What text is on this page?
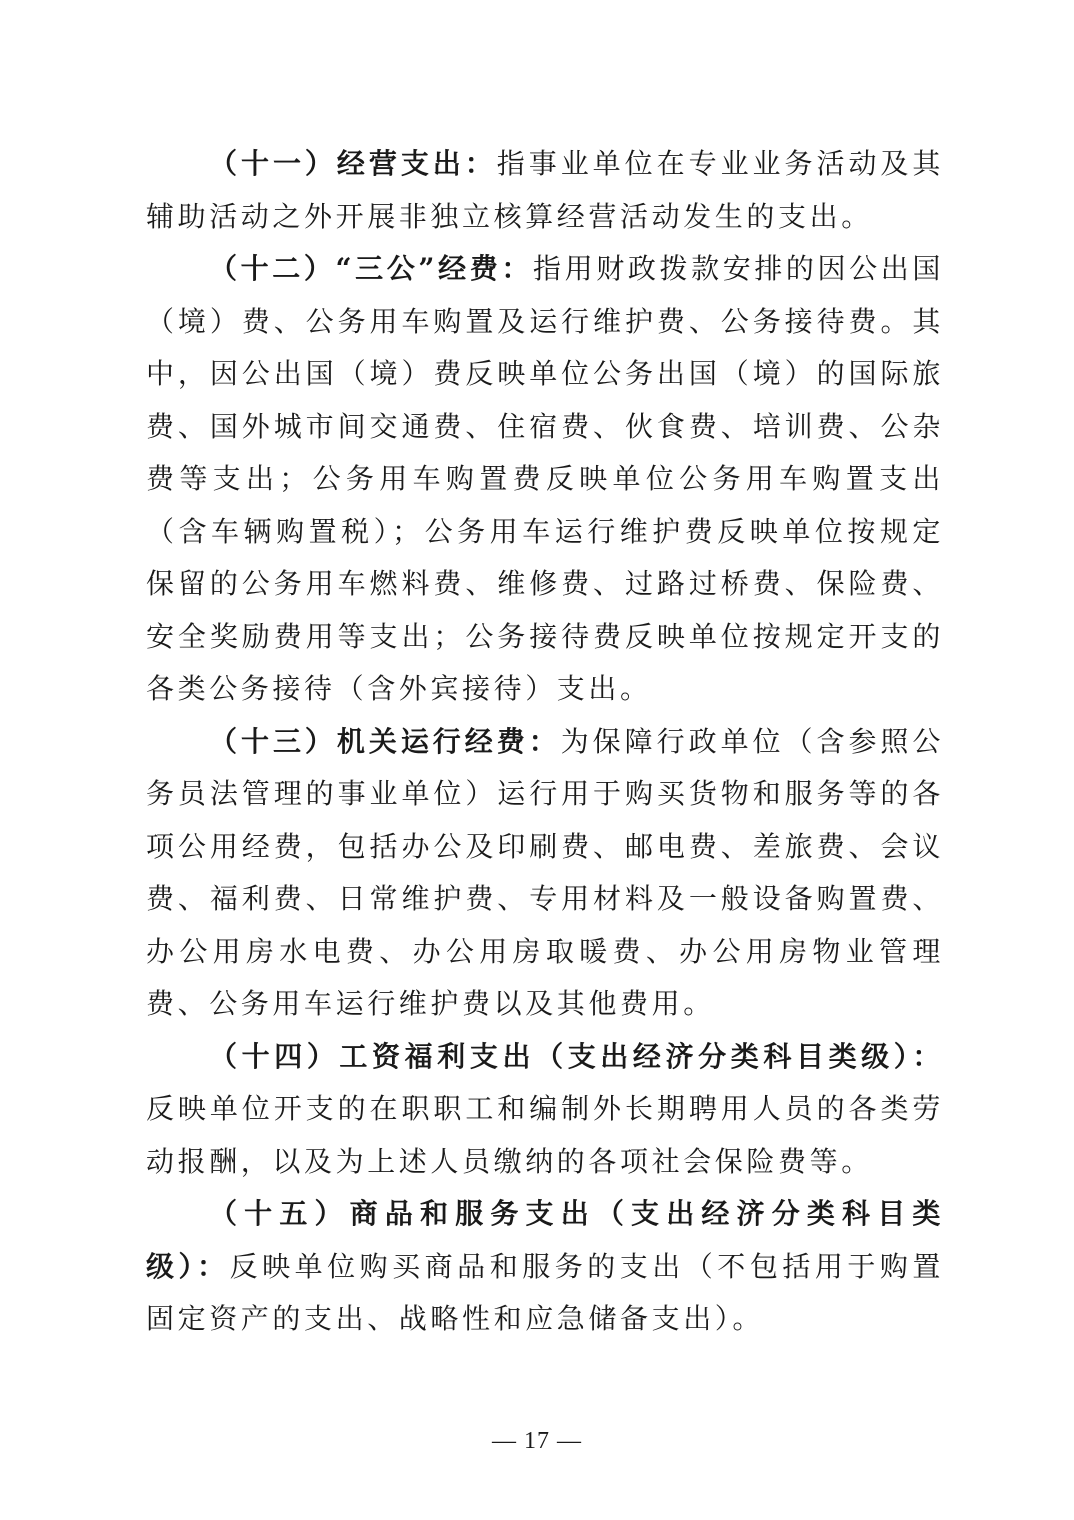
（十一）经营支出：指事业单位在专业业务活动及其辅助活动之外开展非独立核算经营活动发生的支出。

（十二）“三公”经费：指用财政拨款安排的因公出国（境）费、公务用车购置及运行维护费、公务接待费。其中，因公出国（境）费反映单位公务出国（境）的国际旅费、国外城市间交通费、住宿费、伙食费、培训费、公杂费等支出；公务用车购置费反映单位公务用车购置支出（含车辆购置税）；公务用车运行维护费反映单位按规定保留的公务用车燃料费、维修费、过路过桥费、保险费、安全奖励费用等支出；公务接待费反映单位按规定开支的各类公务接待（含外宾接待）支出。

（十三）机关运行经费：为保障行政单位（含参照公务员法管理的事业单位）运行用于购买货物和服务等的各项公用经费，包括办公及印刷费、邮电费、差旅费、会议费、福利费、日常维护费、专用材料及一般设备购置费、办公用房水电费、办公用房取暖费、办公用房物业管理费、公务用车运行维护费以及其他费用。

（十四）工资福利支出（支出经济分类科目类级）：反映单位开支的在职职工和编制外长期聘用人员的各类劳动报酬，以及为上述人员缴纳的各项社会保险费等。

（十五）商品和服务支出（支出经济分类科目类级）：反映单位购买商品和服务的支出（不包括用于购置固定资产的支出、战略性和应急储备支出）。

— 17 —
